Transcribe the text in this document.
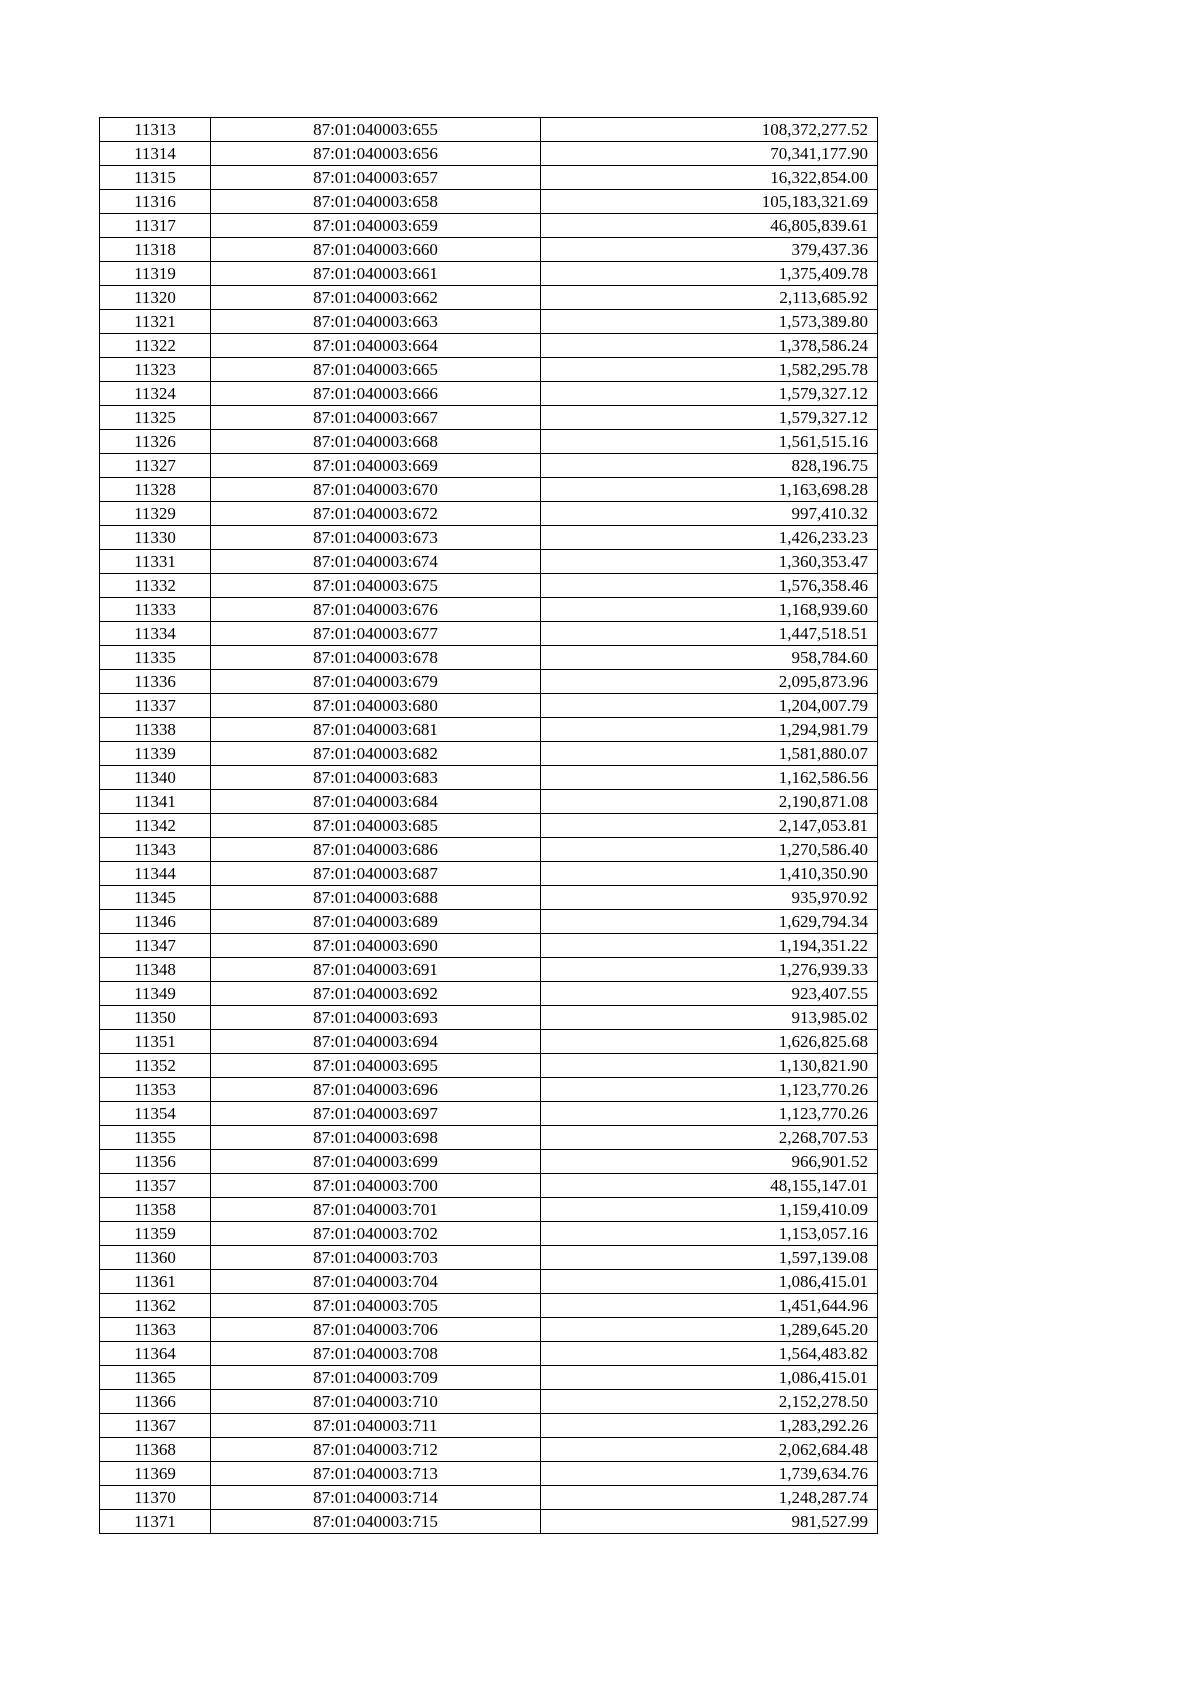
11313	87:01:040003:655	108,372,277.52
11314	87:01:040003:656	70,341,177.90
11315	87:01:040003:657	16,322,854.00
11316	87:01:040003:658	105,183,321.69
11317	87:01:040003:659	46,805,839.61
11318	87:01:040003:660	379,437.36
11319	87:01:040003:661	1,375,409.78
11320	87:01:040003:662	2,113,685.92
11321	87:01:040003:663	1,573,389.80
11322	87:01:040003:664	1,378,586.24
11323	87:01:040003:665	1,582,295.78
11324	87:01:040003:666	1,579,327.12
11325	87:01:040003:667	1,579,327.12
11326	87:01:040003:668	1,561,515.16
11327	87:01:040003:669	828,196.75
11328	87:01:040003:670	1,163,698.28
11329	87:01:040003:672	997,410.32
11330	87:01:040003:673	1,426,233.23
11331	87:01:040003:674	1,360,353.47
11332	87:01:040003:675	1,576,358.46
11333	87:01:040003:676	1,168,939.60
11334	87:01:040003:677	1,447,518.51
11335	87:01:040003:678	958,784.60
11336	87:01:040003:679	2,095,873.96
11337	87:01:040003:680	1,204,007.79
11338	87:01:040003:681	1,294,981.79
11339	87:01:040003:682	1,581,880.07
11340	87:01:040003:683	1,162,586.56
11341	87:01:040003:684	2,190,871.08
11342	87:01:040003:685	2,147,053.81
11343	87:01:040003:686	1,270,586.40
11344	87:01:040003:687	1,410,350.90
11345	87:01:040003:688	935,970.92
11346	87:01:040003:689	1,629,794.34
11347	87:01:040003:690	1,194,351.22
11348	87:01:040003:691	1,276,939.33
11349	87:01:040003:692	923,407.55
11350	87:01:040003:693	913,985.02
11351	87:01:040003:694	1,626,825.68
11352	87:01:040003:695	1,130,821.90
11353	87:01:040003:696	1,123,770.26
11354	87:01:040003:697	1,123,770.26
11355	87:01:040003:698	2,268,707.53
11356	87:01:040003:699	966,901.52
11357	87:01:040003:700	48,155,147.01
11358	87:01:040003:701	1,159,410.09
11359	87:01:040003:702	1,153,057.16
11360	87:01:040003:703	1,597,139.08
11361	87:01:040003:704	1,086,415.01
11362	87:01:040003:705	1,451,644.96
11363	87:01:040003:706	1,289,645.20
11364	87:01:040003:708	1,564,483.82
11365	87:01:040003:709	1,086,415.01
11366	87:01:040003:710	2,152,278.50
11367	87:01:040003:711	1,283,292.26
11368	87:01:040003:712	2,062,684.48
11369	87:01:040003:713	1,739,634.76
11370	87:01:040003:714	1,248,287.74
11371	87:01:040003:715	981,527.99
